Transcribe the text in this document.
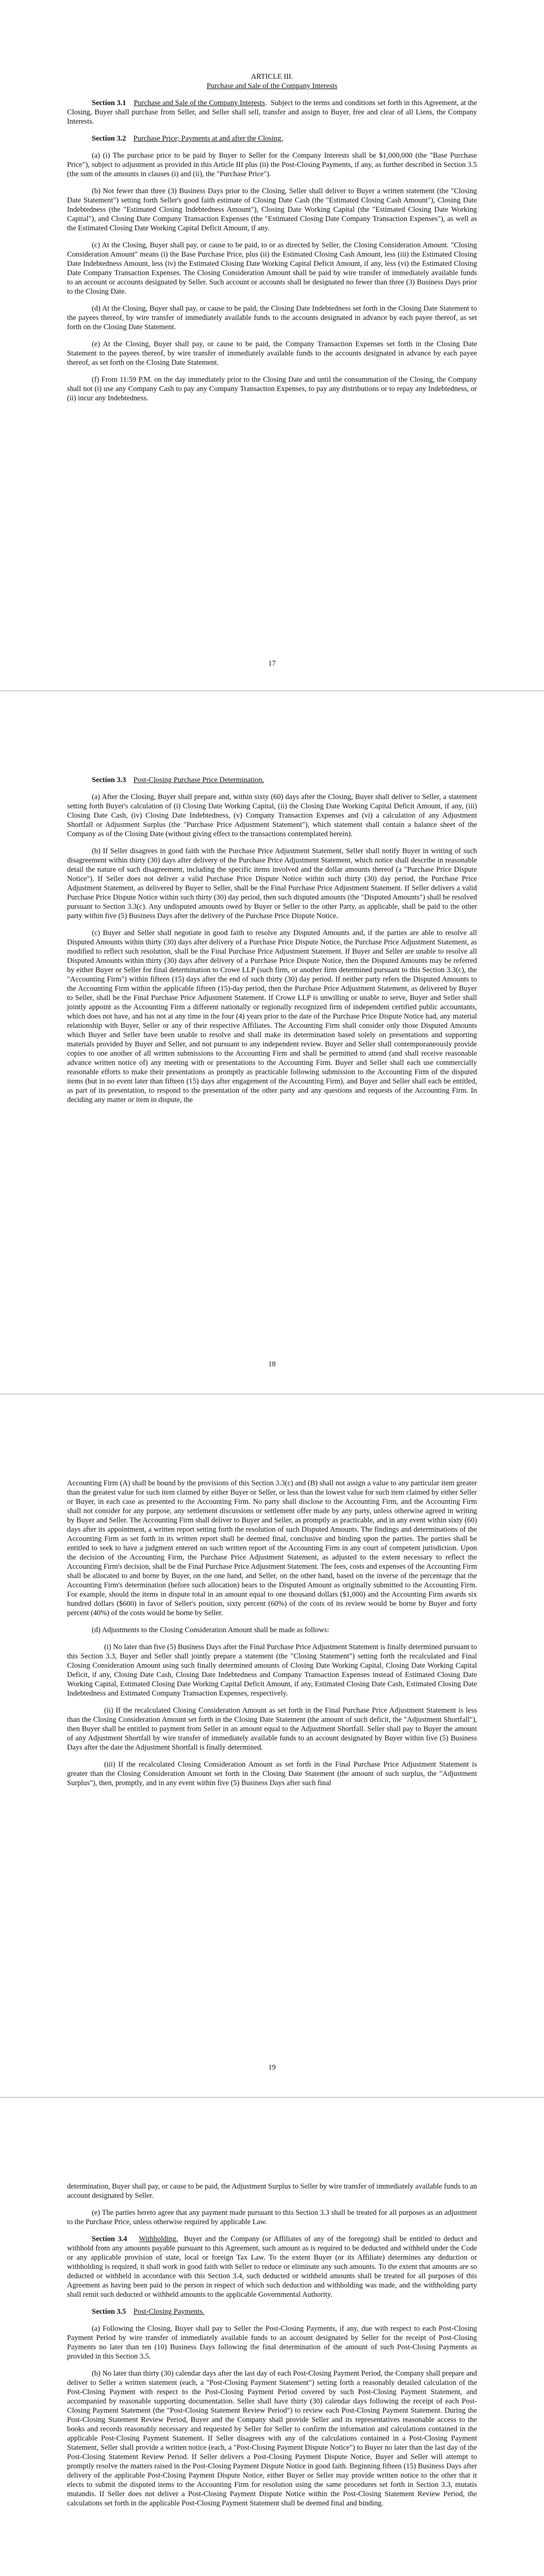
ARTICLE III.

Purchase and Sale of the Company Interests

Section 3.1 Purchase and Sale of the Company Interests.  Subject to the terms and conditions set forth in this Agreement, at the Closing, Buyer shall purchase from Seller, and Seller shall sell, transfer and assign to Buyer, free and clear of all Liens, the Company Interests.

Section 3.2 Purchase Price; Payments at and after the Closing.

(a) (i) The purchase price to be paid by Buyer to Seller for the Company Interests shall be $1,000,000 (the "Base Purchase Price"), subject to adjustment as provided in this Article III plus (ii) the Post-Closing Payments, if any, as further described in Section 3.5 (the sum of the amounts in clauses (i) and (ii), the "Purchase Price").

(b) Not fewer than three (3) Business Days prior to the Closing, Seller shall deliver to Buyer a written statement (the "Closing Date Statement") setting forth Seller's good faith estimate of Closing Date Cash (the "Estimated Closing Cash Amount"), Closing Date Indebtedness (the "Estimated Closing Indebtedness Amount"), Closing Date Working Capital (the "Estimated Closing Date Working Capital"), and Closing Date Company Transaction Expenses (the "Estimated Closing Date Company Transaction Expenses"), as well as the Estimated Closing Date Working Capital Deficit Amount, if any.

(c) At the Closing, Buyer shall pay, or cause to be paid, to or as directed by Seller, the Closing Consideration Amount. "Closing Consideration Amount" means (i) the Base Purchase Price, plus (ii) the Estimated Closing Cash Amount, less (iii) the Estimated Closing Date Indebtedness Amount, less (iv) the Estimated Closing Date Working Capital Deficit Amount, if any, less (vi) the Estimated Closing Date Company Transaction Expenses. The Closing Consideration Amount shall be paid by wire transfer of immediately available funds to an account or accounts designated by Seller. Such account or accounts shall be designated no fewer than three (3) Business Days prior to the Closing Date.

(d) At the Closing, Buyer shall pay, or cause to be paid, the Closing Date Indebtedness set forth in the Closing Date Statement to the payees thereof, by wire transfer of immediately available funds to the accounts designated in advance by each payee thereof, as set forth on the Closing Date Statement.

(e) At the Closing, Buyer shall pay, or cause to be paid, the Company Transaction Expenses set forth in the Closing Date Statement to the payees thereof, by wire transfer of immediately available funds to the accounts designated in advance by each payee thereof, as set forth on the Closing Date Statement.

(f) From 11:59 P.M. on the day immediately prior to the Closing Date and until the consummation of the Closing, the Company shall not (i) use any Company Cash to pay any Company Transaction Expenses, to pay any distributions or to repay any Indebtedness, or (ii) incur any Indebtedness.

17

Section 3.3 Post-Closing Purchase Price Determination.

(a) After the Closing, Buyer shall prepare and, within sixty (60) days after the Closing, Buyer shall deliver to Seller, a statement setting forth Buyer's calculation of (i) Closing Date Working Capital, (ii) the Closing Date Working Capital Deficit Amount, if any, (iii) Closing Date Cash, (iv) Closing Date Indebtedness, (v) Company Transaction Expenses and (vi) a calculation of any Adjustment Shortfall or Adjustment Surplus (the "Purchase Price Adjustment Statement"), which statement shall contain a balance sheet of the Company as of the Closing Date (without giving effect to the transactions contemplated herein).

(b) If Seller disagrees in good faith with the Purchase Price Adjustment Statement, Seller shall notify Buyer in writing of such disagreement within thirty (30) days after delivery of the Purchase Price Adjustment Statement, which notice shall describe in reasonable detail the nature of such disagreement, including the specific items involved and the dollar amounts thereof (a "Purchase Price Dispute Notice"). If Seller does not deliver a valid Purchase Price Dispute Notice within such thirty (30) day period, the Purchase Price Adjustment Statement, as delivered by Buyer to Seller, shall be the Final Purchase Price Adjustment Statement. If Seller delivers a valid Purchase Price Dispute Notice within such thirty (30) day period, then such disputed amounts (the "Disputed Amounts") shall be resolved pursuant to Section 3.3(c). Any undisputed amounts owed by Buyer or Seller to the other Party, as applicable, shall be paid to the other party within five (5) Business Days after the delivery of the Purchase Price Dispute Notice.

(c) Buyer and Seller shall negotiate in good faith to resolve any Disputed Amounts and, if the parties are able to resolve all Disputed Amounts within thirty (30) days after delivery of a Purchase Price Dispute Notice, the Purchase Price Adjustment Statement, as modified to reflect such resolution, shall be the Final Purchase Price Adjustment Statement. If Buyer and Seller are unable to resolve all Disputed Amounts within thirty (30) days after delivery of a Purchase Price Dispute Notice, then the Disputed Amounts may be referred by either Buyer or Seller for final determination to Crowe LLP (such firm, or another firm determined pursuant to this Section 3.3(c), the "Accounting Firm") within fifteen (15) days after the end of such thirty (30) day period. If neither party refers the Disputed Amounts to the Accounting Firm within the applicable fifteen (15)-day period, then the Purchase Price Adjustment Statement, as delivered by Buyer to Seller, shall be the Final Purchase Price Adjustment Statement. If Crowe LLP is unwilling or unable to serve, Buyer and Seller shall jointly appoint as the Accounting Firm a different nationally or regionally recognized firm of independent certified public accountants, which does not have, and has not at any time in the four (4) years prior to the date of the Purchase Price Dispute Notice had, any material relationship with Buyer, Seller or any of their respective Affiliates. The Accounting Firm shall consider only those Disputed Amounts which Buyer and Seller have been unable to resolve and shall make its determination based solely on presentations and supporting materials provided by Buyer and Seller, and not pursuant to any independent review. Buyer and Seller shall contemporaneously provide copies to one another of all written submissions to the Accounting Firm and shall be permitted to attend (and shall receive reasonable advance written notice of) any meeting with or presentations to the Accounting Firm. Buyer and Seller shall each use commercially reasonable efforts to make their presentations as promptly as practicable following submission to the Accounting Firm of the disputed items (but in no event later than fifteen (15) days after engagement of the Accounting Firm), and Buyer and Seller shall each be entitled, as part of its presentation, to respond to the presentation of the other party and any questions and requests of the Accounting Firm. In deciding any matter or item in dispute, the

18

Accounting Firm (A) shall be bound by the provisions of this Section 3.3(c) and (B) shall not assign a value to any particular item greater than the greatest value for such item claimed by either Buyer or Seller, or less than the lowest value for such item claimed by either Seller or Buyer, in each case as presented to the Accounting Firm. No party shall disclose to the Accounting Firm, and the Accounting Firm shall not consider for any purpose, any settlement discussions or settlement offer made by any party, unless otherwise agreed in writing by Buyer and Seller. The Accounting Firm shall deliver to Buyer and Seller, as promptly as practicable, and in any event within sixty (60) days after its appointment, a written report setting forth the resolution of such Disputed Amounts. The findings and determinations of the Accounting Firm as set forth in its written report shall be deemed final, conclusive and binding upon the parties. The parties shall be entitled to seek to have a judgment entered on such written report of the Accounting Firm in any court of competent jurisdiction. Upon the decision of the Accounting Firm, the Purchase Price Adjustment Statement, as adjusted to the extent necessary to reflect the Accounting Firm's decision, shall be the Final Purchase Price Adjustment Statement. The fees, costs and expenses of the Accounting Firm shall be allocated to and borne by Buyer, on the one hand, and Seller, on the other hand, based on the inverse of the percentage that the Accounting Firm's determination (before such allocation) bears to the Disputed Amount as originally submitted to the Accounting Firm. For example, should the items in dispute total in an amount equal to one thousand dollars ($1,000) and the Accounting Firm awards six hundred dollars ($600) in favor of Seller's position, sixty percent (60%) of the costs of its review would be borne by Buyer and forty percent (40%) of the costs would be borne by Seller.

(d) Adjustments to the Closing Consideration Amount shall be made as follows:

(i) No later than five (5) Business Days after the Final Purchase Price Adjustment Statement is finally determined pursuant to this Section 3.3, Buyer and Seller shall jointly prepare a statement (the "Closing Statement") setting forth the recalculated and Final Closing Consideration Amount using such finally determined amounts of Closing Date Working Capital, Closing Date Working Capital Deficit, if any, Closing Date Cash, Closing Date Indebtedness and Company Transaction Expenses instead of Estimated Closing Date Working Capital, Estimated Closing Date Working Capital Deficit Amount, if any, Estimated Closing Date Cash, Estimated Closing Date Indebtedness and Estimated Company Transaction Expenses, respectively.

(ii) If the recalculated Closing Consideration Amount as set forth in the Final Purchase Price Adjustment Statement is less than the Closing Consideration Amount set forth in the Closing Date Statement (the amount of such deficit, the "Adjustment Shortfall"), then Buyer shall be entitled to payment from Seller in an amount equal to the Adjustment Shortfall. Seller shall pay to Buyer the amount of any Adjustment Shortfall by wire transfer of immediately available funds to an account designated by Buyer within five (5) Business Days after the date the Adjustment Shortfall is finally determined.

(iii) If the recalculated Closing Consideration Amount as set forth in the Final Purchase Price Adjustment Statement is greater than the Closing Consideration Amount set forth in the Closing Date Statement (the amount of such surplus, the "Adjustment Surplus"), then, promptly, and in any event within five (5) Business Days after such final

19

determination, Buyer shall pay, or cause to be paid, the Adjustment Surplus to Seller by wire transfer of immediately available funds to an account designated by Seller.

(e) The parties hereto agree that any payment made pursuant to this Section 3.3 shall be treated for all purposes as an adjustment to the Purchase Price, unless otherwise required by applicable Law.

Section 3.4 Withholding. Buyer and the Company (or Affiliates of any of the foregoing) shall be entitled to deduct and withhold from any amounts payable pursuant to this Agreement, such amount as is required to be deducted and withheld under the Code or any applicable provision of state, local or foreign Tax Law. To the extent Buyer (or its Affiliate) determines any deduction or withholding is required, it shall work in good faith with Seller to reduce or eliminate any such amounts. To the extent that amounts are so deducted or withheld in accordance with this Section 3.4, such deducted or withheld amounts shall be treated for all purposes of this Agreement as having been paid to the person in respect of which such deduction and withholding was made, and the withholding party shall remit such deducted or withheld amounts to the applicable Governmental Authority.

Section 3.5 Post-Closing Payments.

(a) Following the Closing, Buyer shall pay to Seller the Post-Closing Payments, if any, due with respect to each Post-Closing Payment Period by wire transfer of immediately available funds to an account designated by Seller for the receipt of Post-Closing Payments no later than ten (10) Business Days following the final determination of the amount of such Post-Closing Payments as provided in this Section 3.5.

(b) No later than thirty (30) calendar days after the last day of each Post-Closing Payment Period, the Company shall prepare and deliver to Seller a written statement (each, a "Post-Closing Payment Statement") setting forth a reasonably detailed calculation of the Post-Closing Payment with respect to the Post-Closing Payment Period covered by such Post-Closing Payment Statement, and accompanied by reasonable supporting documentation. Seller shall have thirty (30) calendar days following the receipt of each Post-Closing Payment Statement (the "Post-Closing Statement Review Period") to review each Post-Closing Payment Statement. During the Post-Closing Statement Review Period, Buyer and the Company shall provide Seller and its representatives reasonable access to the books and records reasonably necessary and requested by Seller for Seller to confirm the information and calculations contained in the applicable Post-Closing Payment Statement. If Seller disagrees with any of the calculations contained in a Post-Closing Payment Statement, Seller shall provide a written notice (each, a "Post-Closing Payment Dispute Notice") to Buyer no later than the last day of the Post-Closing Statement Review Period. If Seller delivers a Post-Closing Payment Dispute Notice, Buyer and Seller will attempt to promptly resolve the matters raised in the Post-Closing Payment Dispute Notice in good faith. Beginning fifteen (15) Business Days after delivery of the applicable Post-Closing Payment Dispute Notice, either Buyer or Seller may provide written notice to the other that it elects to submit the disputed items to the Accounting Firm for resolution using the same procedures set forth in Section 3.3, mutatis mutandis. If Seller does not deliver a Post-Closing Payment Dispute Notice within the Post-Closing Statement Review Period, the calculations set forth in the applicable Post-Closing Payment Statement shall be deemed final and binding.
